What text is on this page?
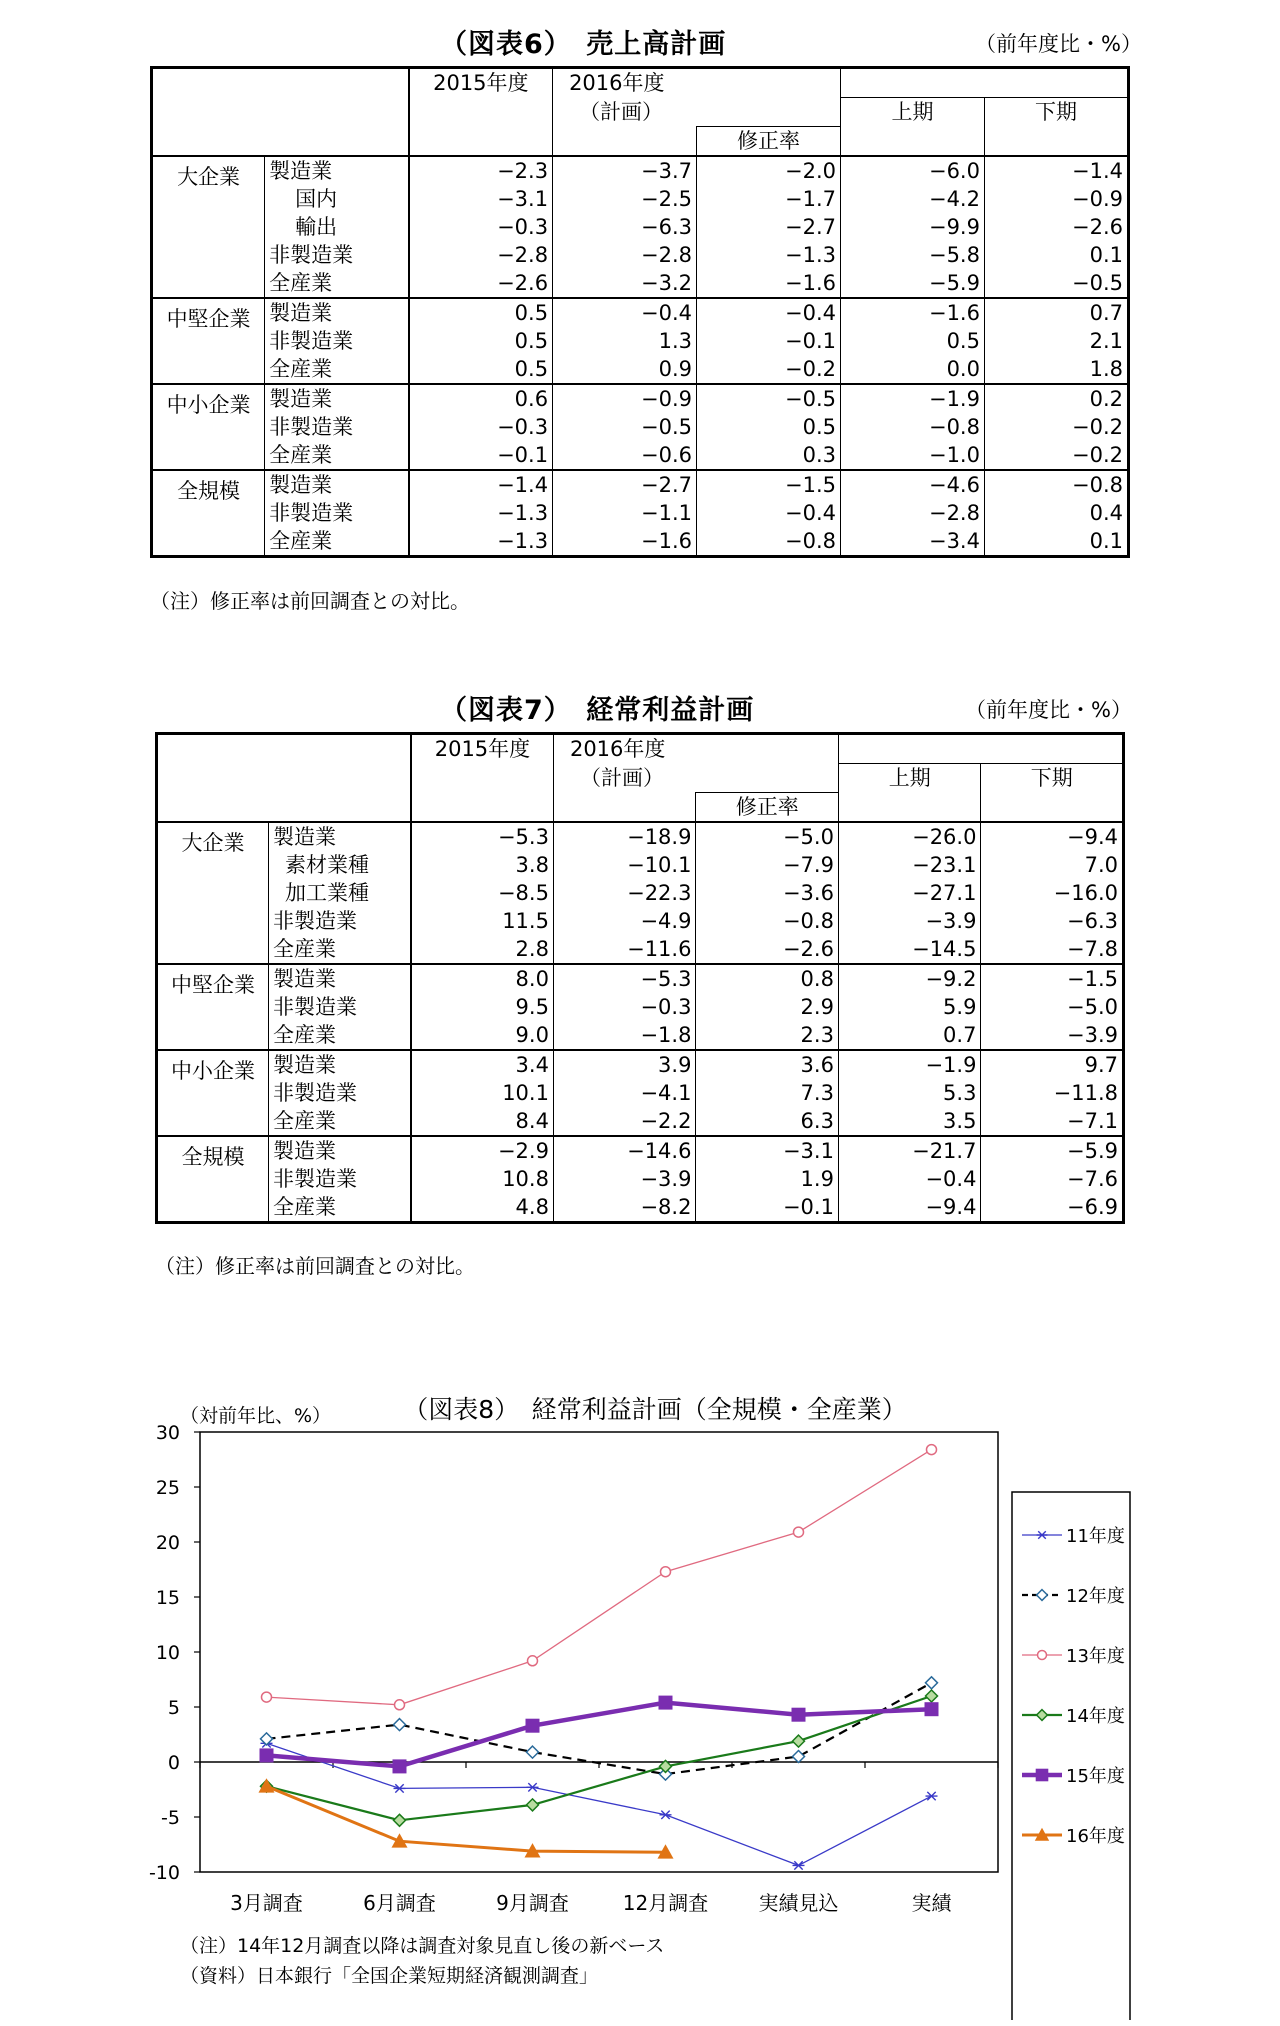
（図表6）　売上高計画	（前年度比・%）
		2015年度	2016年度			
			（計画）		上期	下期
				修正率		
大企業	製造業	−2.3	−3.7	−2.0	−6.0	−1.4
	国内	−3.1	−2.5	−1.7	−4.2	−0.9
	輸出	−0.3	−6.3	−2.7	−9.9	−2.6
	非製造業	−2.8	−2.8	−1.3	−5.8	0.1
	全産業	−2.6	−3.2	−1.6	−5.9	−0.5
中堅企業	製造業	0.5	−0.4	−0.4	−1.6	0.7
	非製造業	0.5	1.3	−0.1	0.5	2.1
	全産業	0.5	0.9	−0.2	0.0	1.8
中小企業	製造業	0.6	−0.9	−0.5	−1.9	0.2
	非製造業	−0.3	−0.5	0.5	−0.8	−0.2
	全産業	−0.1	−0.6	0.3	−1.0	−0.2
全規模	製造業	−1.4	−2.7	−1.5	−4.6	−0.8
	非製造業	−1.3	−1.1	−0.4	−2.8	0.4
	全産業	−1.3	−1.6	−0.8	−3.4	0.1
（注）修正率は前回調査との対比。
（図表7）　経常利益計画	（前年度比・%）
		2015年度	2016年度			
			（計画）		上期	下期
				修正率		
大企業	製造業	−5.3	−18.9	−5.0	−26.0	−9.4
	素材業種	3.8	−10.1	−7.9	−23.1	7.0
	加工業種	−8.5	−22.3	−3.6	−27.1	−16.0
	非製造業	11.5	−4.9	−0.8	−3.9	−6.3
	全産業	2.8	−11.6	−2.6	−14.5	−7.8
中堅企業	製造業	8.0	−5.3	0.8	−9.2	−1.5
	非製造業	9.5	−0.3	2.9	5.9	−5.0
	全産業	9.0	−1.8	2.3	0.7	−3.9
中小企業	製造業	3.4	3.9	3.6	−1.9	9.7
	非製造業	10.1	−4.1	7.3	5.3	−11.8
	全産業	8.4	−2.2	6.3	3.5	−7.1
全規模	製造業	−2.9	−14.6	−3.1	−21.7	−5.9
	非製造業	10.8	−3.9	1.9	−0.4	−7.6
	全産業	4.8	−8.2	−0.1	−9.4	−6.9
（注）修正率は前回調査との対比。
（図表8）　経常利益計画（全規模・全産業）
（対前年比、%）
-10
-5
0
5
10
15
20
25
30
3月調査	6月調査	9月調査	12月調査	実績見込	実績
11年度
12年度
13年度
14年度
15年度
16年度
（注）14年12月調査以降は調査対象見直し後の新ベース
（資料）日本銀行「全国企業短期経済観測調査」
